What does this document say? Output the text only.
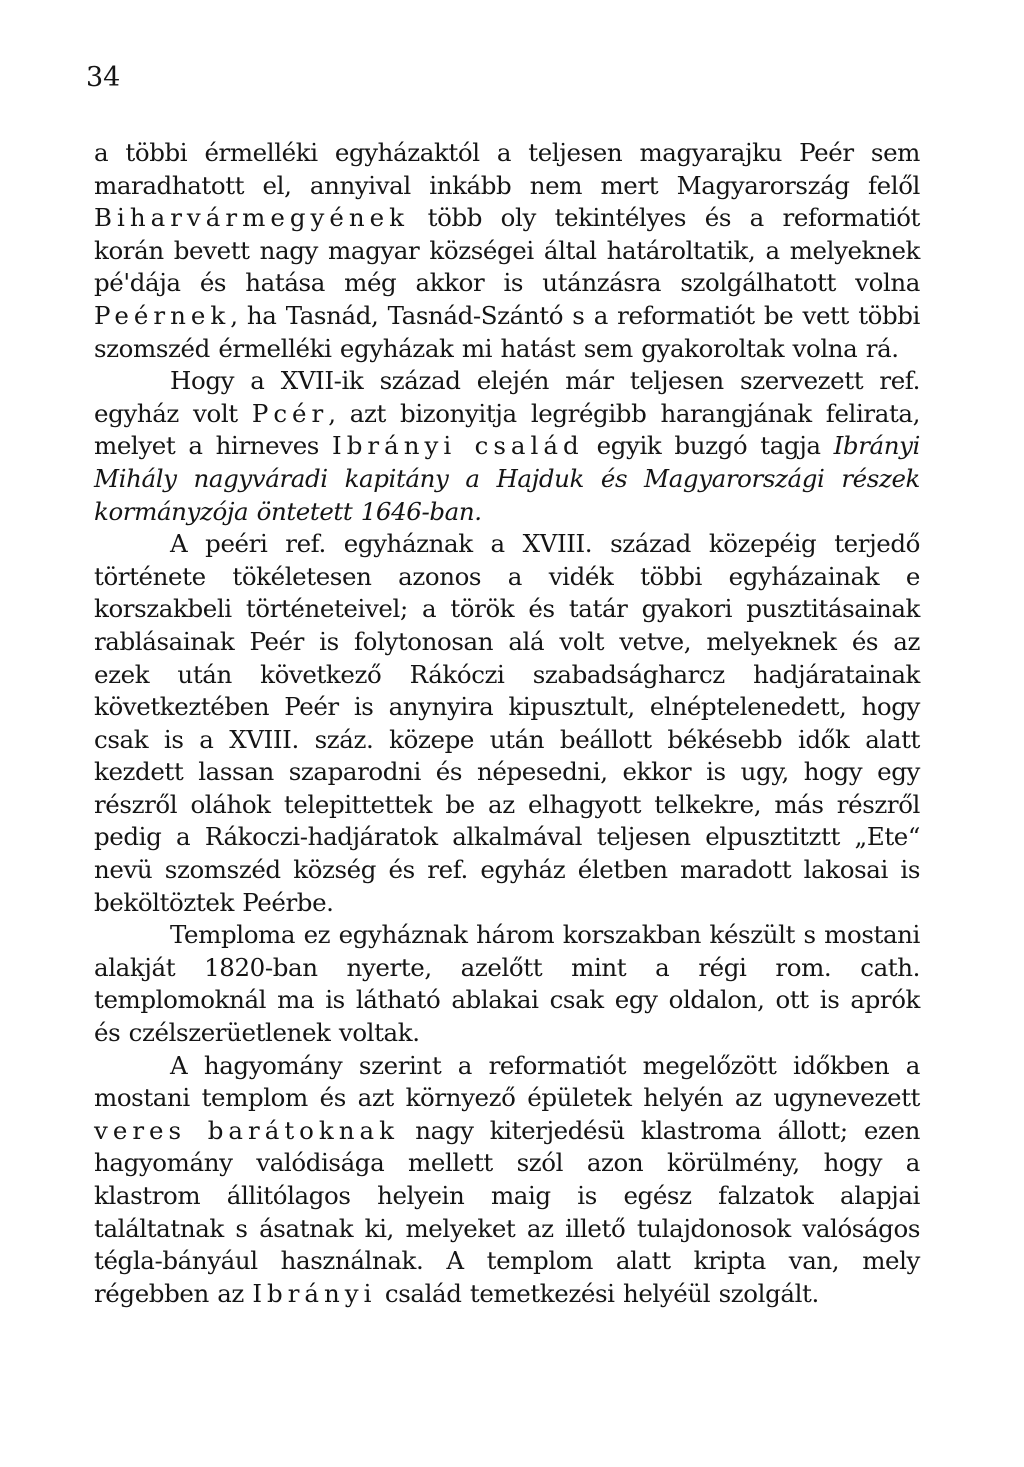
34

a többi érmelléki egyházaktól a teljesen magyarajku Peér sem maradhatott el, annyival inkább nem mert Magyarország felől Biharvármegyének több oly tekintélyes és a reformatiót korán bevett nagy magyar községei által határoltatik, a melyeknek pé'dája és hatása még akkor is utánzásra szolgálhatott volna Peérnek, ha Tasnád, Tasnád-Szántó s a reformatiót be vett többi szomszéd érmelléki egyházak mi hatást sem gyakoroltak volna rá.

Hogy a XVII-ik század elején már teljesen szervezett ref. egyház volt Pcér, azt bizonyitja legrégibb harangjának felirata, melyet a hirneves Ibrányi család egyik buzgó tagja Ibrányi Mihály nagyváradi kapitány a Hajduk és Magyarországi részek kormányzója öntetett 1646-ban.

A peéri ref. egyháznak a XVIII. század közepéig terjedő története tökéletesen azonos a vidék többi egyházainak e korszakbeli történeteivel; a török és tatár gyakori pusztitásainak rablásainak Peér is folytonosan alá volt vetve, melyeknek és az ezek után következő Rákóczi szabadságharcz hadjáratainak következtében Peér is anynyira kipusztult, elnéptelenedett, hogy csak is a XVIII. száz. közepe után beállott békésebb idők alatt kezdett lassan szaparodni és népesedni, ekkor is ugy, hogy egy részről oláhok telepittettek be az elhagyott telkekre, más részről pedig a Rákoczi-hadjáratok alkalmával teljesen elpusztitztt „Ete“ nevü szomszéd község és ref. egyház életben maradott lakosai is beköltöztek Peérbe.

Temploma ez egyháznak három korszakban készült s mostani alakját 1820-ban nyerte, azelőtt mint a régi rom. cath. templomoknál ma is látható ablakai csak egy oldalon, ott is aprók és czélszerüetlenek voltak.

A hagyomány szerint a reformatiót megelőzött időkben a mostani templom és azt környező épületek helyén az ugynevezett veres barátoknak nagy kiterjedésü klastroma állott; ezen hagyomány valódisága mellett szól azon körülmény, hogy a klastrom állitólagos helyein maig is egész falzatok alapjai találtatnak s ásatnak ki, melyeket az illető tulajdonosok valóságos tégla-bányául használnak. A templom alatt kripta van, mely régebben az Ibrányi család temetkezési helyéül szolgált.
